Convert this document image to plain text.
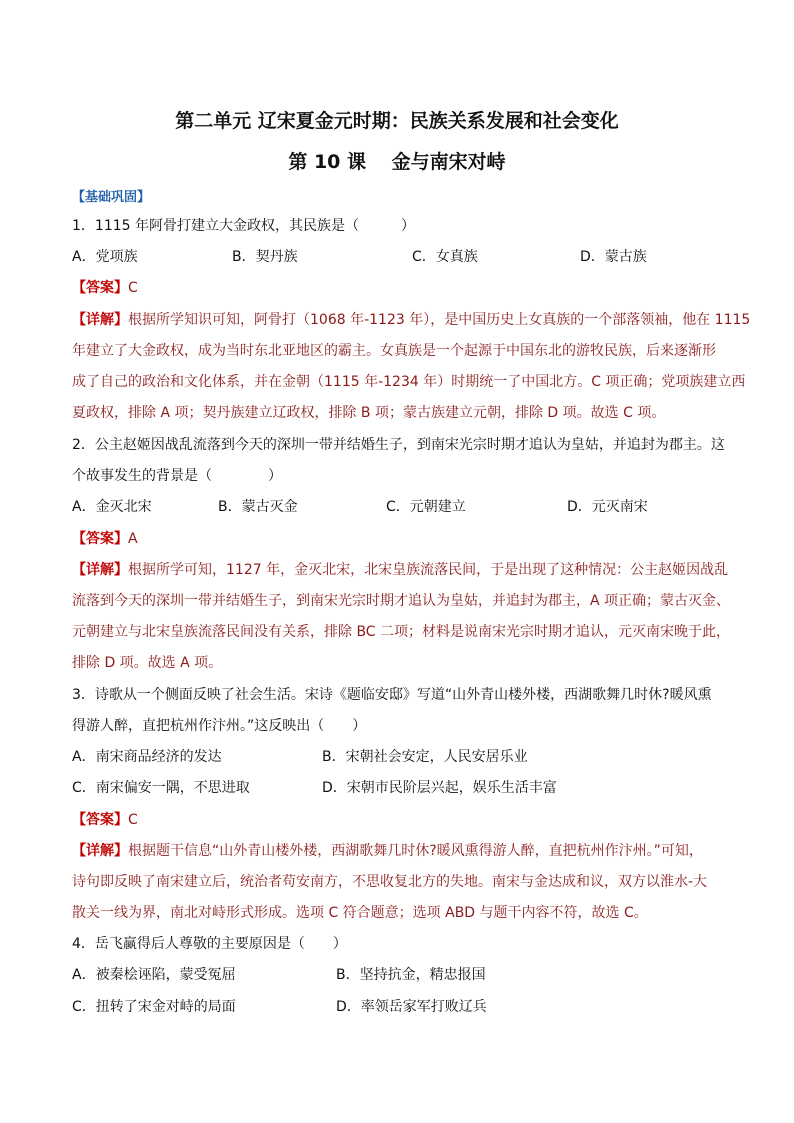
第二单元 辽宋夏金元时期：民族关系发展和社会变化
第 10 课　 金与南宋对峙
【基础巩固】
1．1115 年阿骨打建立大金政权，其民族是（　　　）
A．党项族	B．契丹族	C．女真族	D．蒙古族
【答案】C
【详解】根据所学知识可知，阿骨打（1068 年-1123 年），是中国历史上女真族的一个部落领袖，他在 1115
年建立了大金政权，成为当时东北亚地区的霸主。女真族是一个起源于中国东北的游牧民族，后来逐渐形
成了自己的政治和文化体系，并在金朝（1115 年-1234 年）时期统一了中国北方。C 项正确；党项族建立西
夏政权，排除 A 项；契丹族建立辽政权，排除 B 项；蒙古族建立元朝，排除 D 项。故选 C 项。
2．公主赵姬因战乱流落到今天的深圳一带并结婚生子，到南宋光宗时期才追认为皇姑，并追封为郡主。这
个故事发生的背景是（　　　　）
A．金灭北宋	B．蒙古灭金	C．元朝建立	D．元灭南宋
【答案】A
【详解】根据所学可知，1127 年，金灭北宋，北宋皇族流落民间，于是出现了这种情况：公主赵姬因战乱
流落到今天的深圳一带并结婚生子，到南宋光宗时期才追认为皇姑，并追封为郡主，A 项正确；蒙古灭金、
元朝建立与北宋皇族流落民间没有关系，排除 BC 二项；材料是说南宋光宗时期才追认，元灭南宋晚于此，
排除 D 项。故选 A 项。
3．诗歌从一个侧面反映了社会生活。宋诗《题临安邸》写道“山外青山楼外楼，西湖歌舞几时休?暖风熏
得游人醉，直把杭州作汴州。”这反映出（　　）
A．南宋商品经济的发达	B．宋朝社会安定，人民安居乐业
C．南宋偏安一隅，不思进取	D．宋朝市民阶层兴起，娱乐生活丰富
【答案】C
【详解】根据题干信息“山外青山楼外楼，西湖歌舞几时休?暖风熏得游人醉，直把杭州作汴州。”可知，
诗句即反映了南宋建立后，统治者苟安南方，不思收复北方的失地。南宋与金达成和议，双方以淮水-大
散关一线为界，南北对峙形式形成。选项 C 符合题意；选项 ABD 与题干内容不符，故选 C。
4．岳飞赢得后人尊敬的主要原因是（　　）
A．被秦桧诬陷，蒙受冤屈	B．坚持抗金，精忠报国
C．扭转了宋金对峙的局面	D．率领岳家军打败辽兵
